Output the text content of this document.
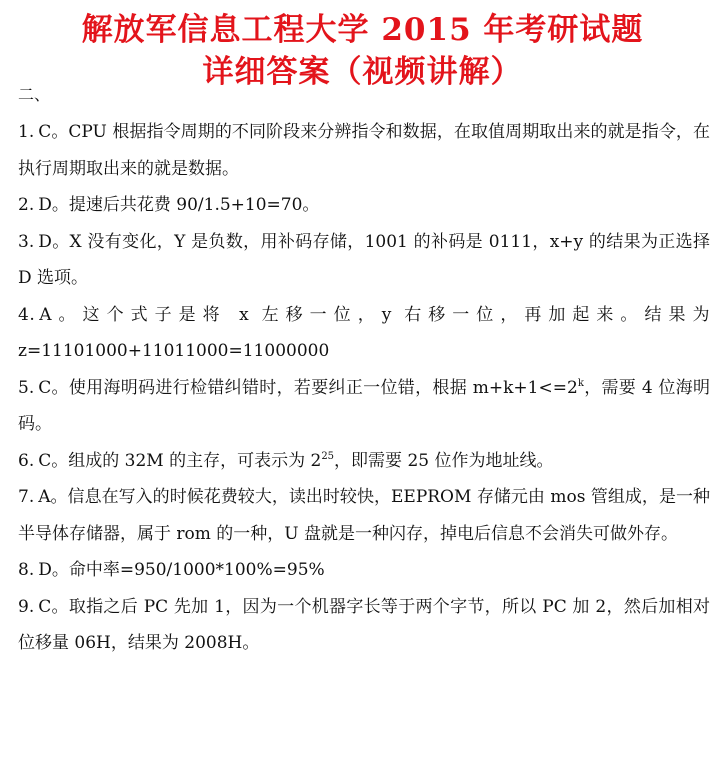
解放军信息工程大学 2015 年考研试题
详细答案（视频讲解）
二、
1. C。CPU 根据指令周期的不同阶段来分辨指令和数据，在取值周期取出来的就是指令，在执行周期取出来的就是数据。
2. D。提速后共花费 90/1.5+10=70。
3. D。X 没有变化，Y 是负数，用补码存储，1001 的补码是 0111，x+y 的结果为正选择 D 选项。
4. A。这个式子是将 x 左移一位，y 右移一位，再加起来。结果为
z=11101000+11011000=11000000
5. C。使用海明码进行检错纠错时，若要纠正一位错，根据 $m+k+1<=2^k$，需要 4 位海明码。
6. C。组成的 32M 的主存，可表示为 $2^{25}$，即需要 25 位作为地址线。
7. A。信息在写入的时候花费较大，读出时较快，EEPROM 存储元由 mos 管组成，是一种半导体存储器，属于 rom 的一种，U 盘就是一种闪存，掉电后信息不会消失可做外存。
8. D。命中率=950/1000*100%=95%
9. C。取指之后 PC 先加 1，因为一个机器字长等于两个字节，所以 PC 加 2，然后加相对位移量 06H，结果为 2008H。
